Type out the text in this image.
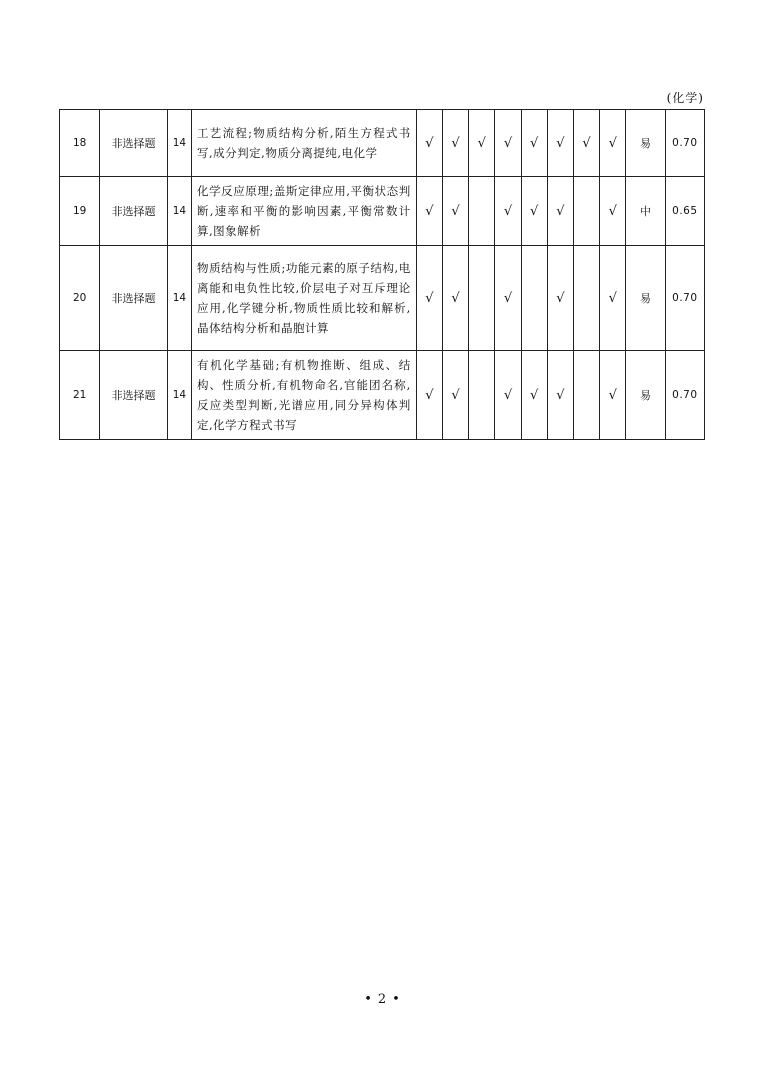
(化学)
18	非选择题	14	工艺流程;物质结构分析,陌生方程式书写,成分判定,物质分离提纯,电化学	√	√	√	√	√	√	√	√	易	0.70
19	非选择题	14	化学反应原理;盖斯定律应用,平衡状态判断,速率和平衡的影响因素,平衡常数计算,图象解析	√	√		√	√	√		√	中	0.65
20	非选择题	14	物质结构与性质;功能元素的原子结构,电离能和电负性比较,价层电子对互斥理论应用,化学键分析,物质性质比较和解析,晶体结构分析和晶胞计算	√	√		√		√		√	易	0.70
21	非选择题	14	有机化学基础;有机物推断、组成、结构、性质分析,有机物命名,官能团名称,反应类型判断,光谱应用,同分异构体判定,化学方程式书写	√	√		√	√	√		√	易	0.70
• 2 •
